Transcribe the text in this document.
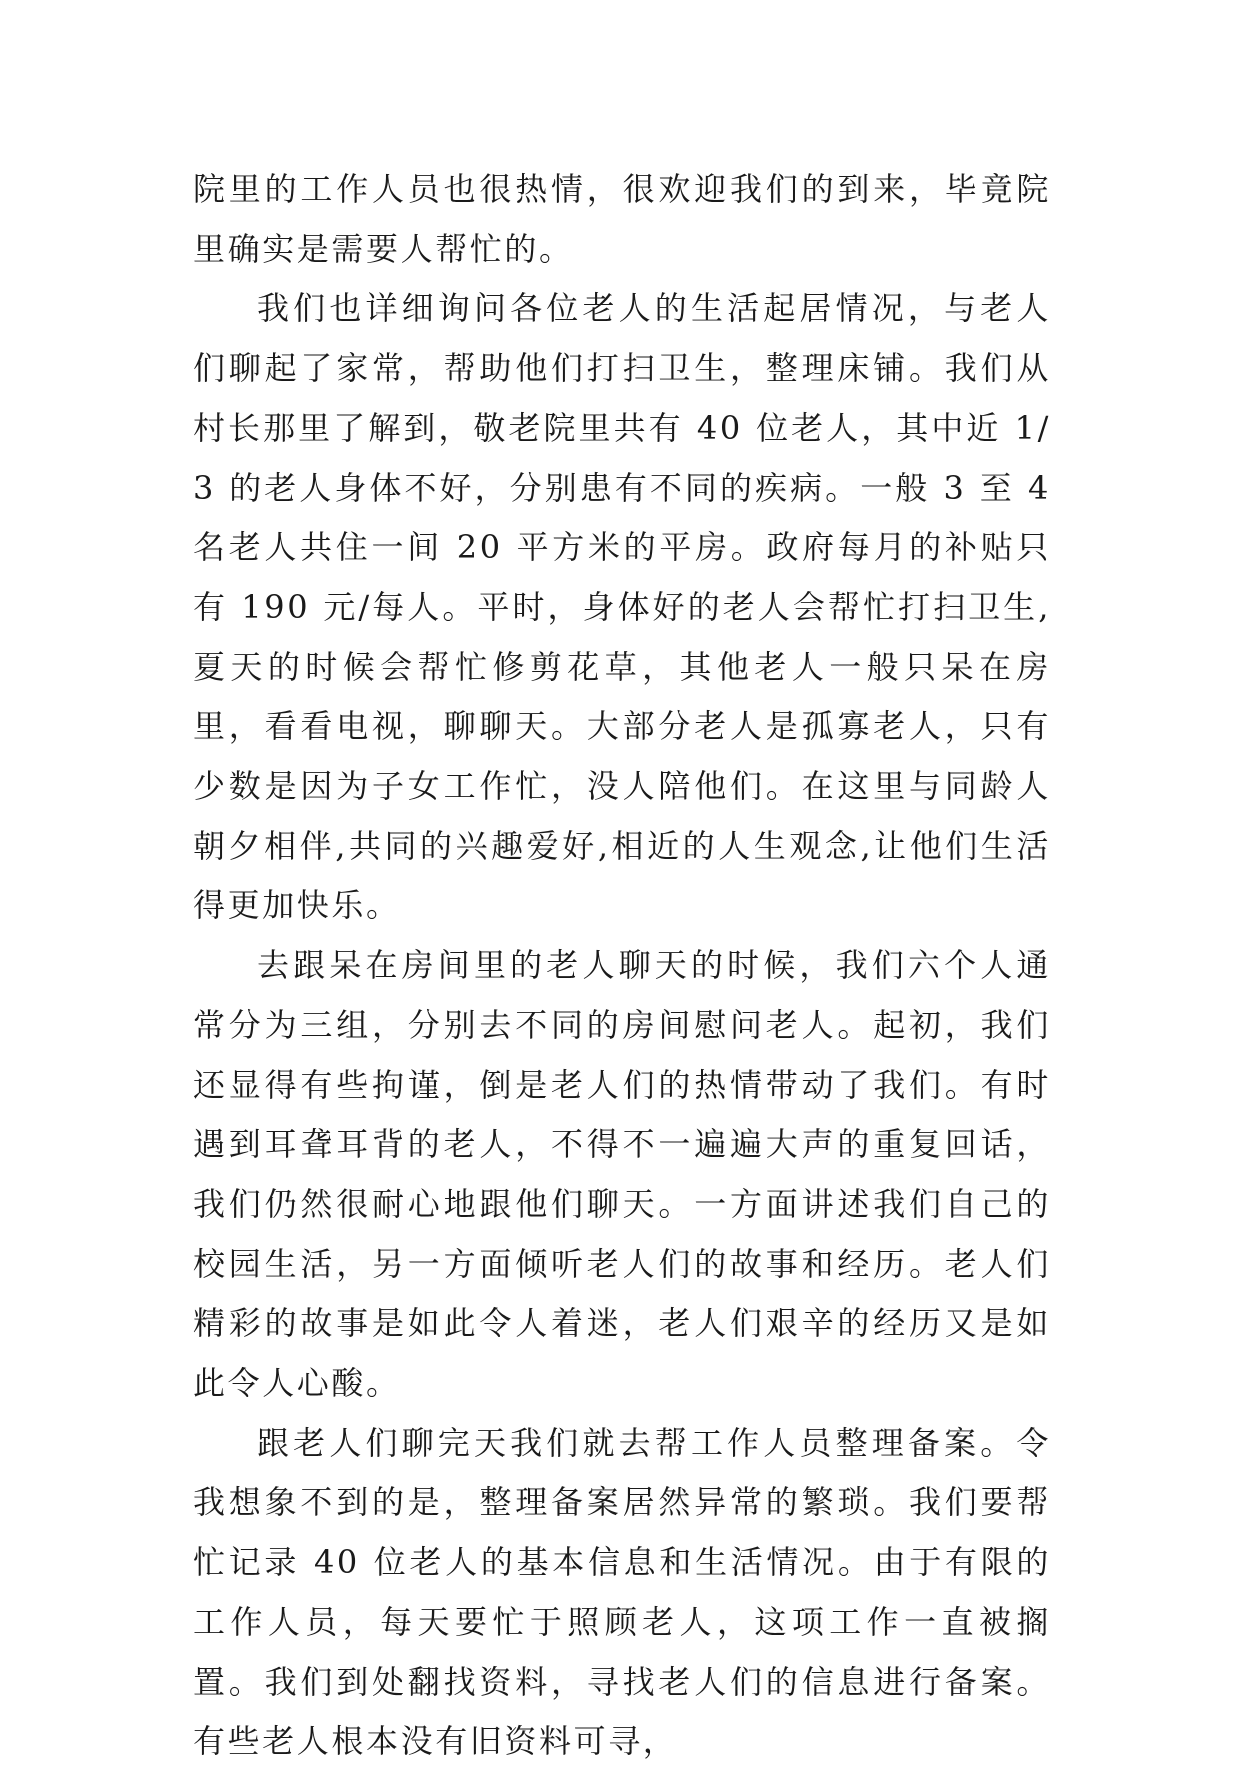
院里的工作人员也很热情，很欢迎我们的到来，毕竟院里确实是需要人帮忙的。

我们也详细询问各位老人的生活起居情况，与老人们聊起了家常，帮助他们打扫卫生，整理床铺。我们从村长那里了解到，敬老院里共有 40 位老人，其中近 1/3 的老人身体不好，分别患有不同的疾病。一般 3 至 4 名老人共住一间 20 平方米的平房。政府每月的补贴只有 190 元/每人。平时，身体好的老人会帮忙打扫卫生,夏天的时候会帮忙修剪花草，其他老人一般只呆在房里，看看电视，聊聊天。大部分老人是孤寡老人，只有少数是因为子女工作忙，没人陪他们。在这里与同龄人朝夕相伴,共同的兴趣爱好,相近的人生观念,让他们生活得更加快乐。

去跟呆在房间里的老人聊天的时候，我们六个人通常分为三组，分别去不同的房间慰问老人。起初，我们还显得有些拘谨，倒是老人们的热情带动了我们。有时遇到耳聋耳背的老人，不得不一遍遍大声的重复回话，我们仍然很耐心地跟他们聊天。一方面讲述我们自己的校园生活，另一方面倾听老人们的故事和经历。老人们精彩的故事是如此令人着迷，老人们艰辛的经历又是如此令人心酸。

跟老人们聊完天我们就去帮工作人员整理备案。令我想象不到的是，整理备案居然异常的繁琐。我们要帮忙记录 40 位老人的基本信息和生活情况。由于有限的工作人员，每天要忙于照顾老人，这项工作一直被搁置。我们到处翻找资料，寻找老人们的信息进行备案。有些老人根本没有旧资料可寻，
